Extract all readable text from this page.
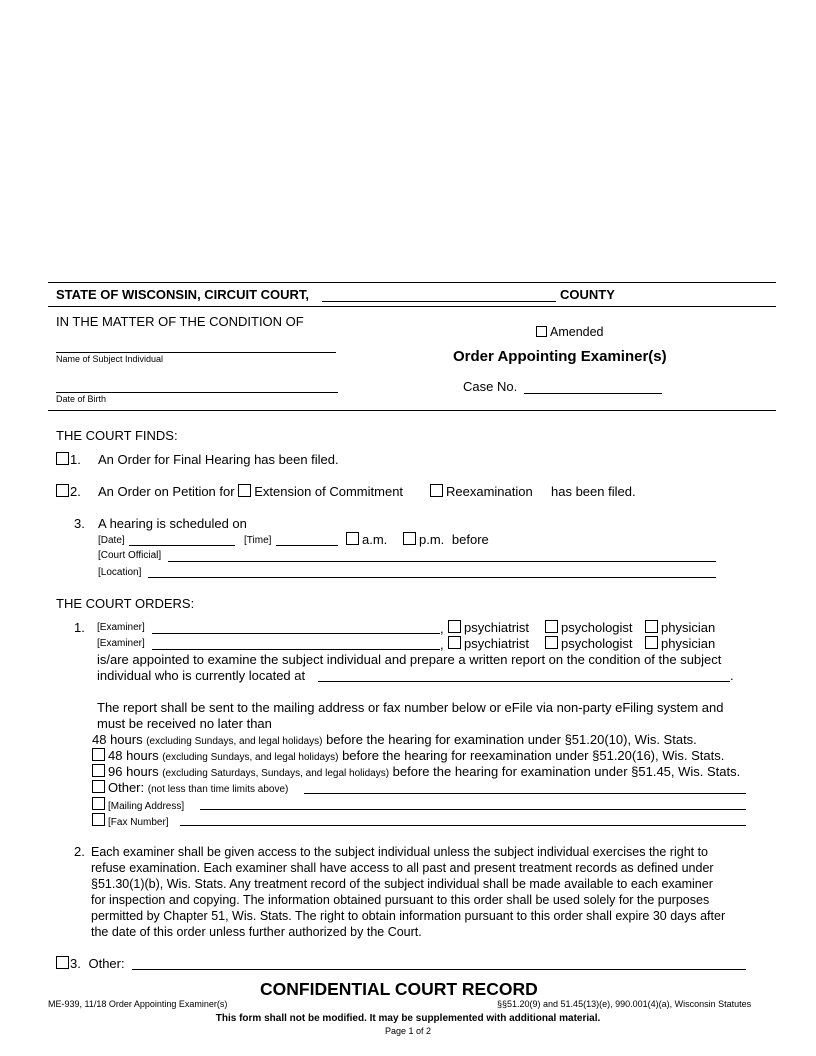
STATE OF WISCONSIN, CIRCUIT COURT,	COUNTY
IN THE MATTER OF THE CONDITION OF
Name of Subject Individual
Date of Birth
Amended
Order Appointing Examiner(s)
Case No.
THE COURT FINDS:
1. An Order for Final Hearing has been filed.
2. An Order on Petition for Extension of Commitment	Reexamination has been filed.
3. A hearing is scheduled on
[Date]	[Time]	a.m.	p.m. before
[Court Official]
[Location]
THE COURT ORDERS:
1. [Examiner]	,	psychiatrist	psychologist	physician
[Examiner]	,	psychiatrist	psychologist	physician
is/are appointed to examine the subject individual and prepare a written report on the condition of the subject
individual who is currently located at	.
The report shall be sent to the mailing address or fax number below or eFile via non-party eFiling system and
must be received no later than
48 hours (excluding Sundays, and legal holidays) before the hearing for examination under §51.20(10), Wis. Stats.
48 hours (excluding Sundays, and legal holidays) before the hearing for reexamination under §51.20(16), Wis. Stats.
96 hours (excluding Saturdays, Sundays, and legal holidays) before the hearing for examination under §51.45, Wis. Stats.
Other: (not less than time limits above)
[Mailing Address]
[Fax Number]
2. Each examiner shall be given access to the subject individual unless the subject individual exercises the right to
refuse examination. Each examiner shall have access to all past and present treatment records as defined under
§51.30(1)(b), Wis. Stats. Any treatment record of the subject individual shall be made available to each examiner
for inspection and copying. The information obtained pursuant to this order shall be used solely for the purposes
permitted by Chapter 51, Wis. Stats. The right to obtain information pursuant to this order shall expire 30 days after
the date of this order unless further authorized by the Court.
3. Other:
CONFIDENTIAL COURT RECORD
ME-939, 11/18 Order Appointing Examiner(s)	§§51.20(9) and 51.45(13)(e), 990.001(4)(a), Wisconsin Statutes
This form shall not be modified. It may be supplemented with additional material.
Page 1 of 2
